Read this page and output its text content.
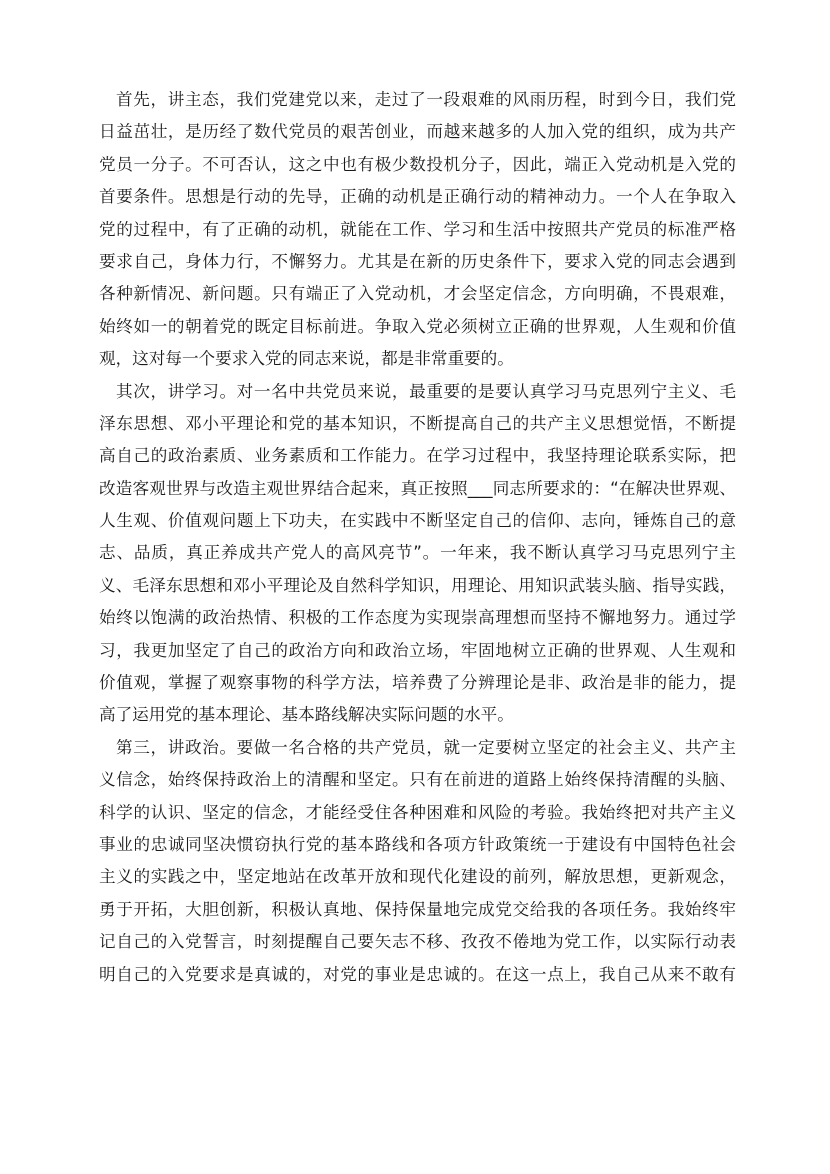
首先，讲主态，我们党建党以来，走过了一段艰难的风雨历程，时到今日，我们党
日益茁壮，是历经了数代党员的艰苦创业，而越来越多的人加入党的组织，成为共产
党员一分子。不可否认，这之中也有极少数投机分子，因此，端正入党动机是入党的
首要条件。思想是行动的先导，正确的动机是正确行动的精神动力。一个人在争取入
党的过程中，有了正确的动机，就能在工作、学习和生活中按照共产党员的标准严格
要求自己，身体力行，不懈努力。尤其是在新的历史条件下，要求入党的同志会遇到
各种新情况、新问题。只有端正了入党动机，才会坚定信念，方向明确，不畏艰难，
始终如一的朝着党的既定目标前进。争取入党必须树立正确的世界观，人生观和价值
观，这对每一个要求入党的同志来说，都是非常重要的。
其次，讲学习。对一名中共党员来说，最重要的是要认真学习马克思列宁主义、毛
泽东思想、邓小平理论和党的基本知识，不断提高自己的共产主义思想觉悟，不断提
高自己的政治素质、业务素质和工作能力。在学习过程中，我坚持理论联系实际，把
改造客观世界与改造主观世界结合起来，真正按照___同志所要求的：“在解决世界观、
人生观、价值观问题上下功夫，在实践中不断坚定自己的信仰、志向，锤炼自己的意
志、品质，真正养成共产党人的高风亮节”。一年来，我不断认真学习马克思列宁主
义、毛泽东思想和邓小平理论及自然科学知识，用理论、用知识武装头脑、指导实践，
始终以饱满的政治热情、积极的工作态度为实现崇高理想而坚持不懈地努力。通过学
习，我更加坚定了自己的政治方向和政治立场，牢固地树立正确的世界观、人生观和
价值观，掌握了观察事物的科学方法，培养费了分辨理论是非、政治是非的能力，提
高了运用党的基本理论、基本路线解决实际问题的水平。
第三，讲政治。要做一名合格的共产党员，就一定要树立坚定的社会主义、共产主
义信念，始终保持政治上的清醒和坚定。只有在前进的道路上始终保持清醒的头脑、
科学的认识、坚定的信念，才能经受住各种困难和风险的考验。我始终把对共产主义
事业的忠诚同坚决惯窃执行党的基本路线和各项方针政策统一于建设有中国特色社会
主义的实践之中，坚定地站在改革开放和现代化建设的前列，解放思想，更新观念，
勇于开拓，大胆创新，积极认真地、保持保量地完成党交给我的各项任务。我始终牢
记自己的入党誓言，时刻提醒自己要矢志不移、孜孜不倦地为党工作，以实际行动表
明自己的入党要求是真诚的，对党的事业是忠诚的。在这一点上，我自己从来不敢有
